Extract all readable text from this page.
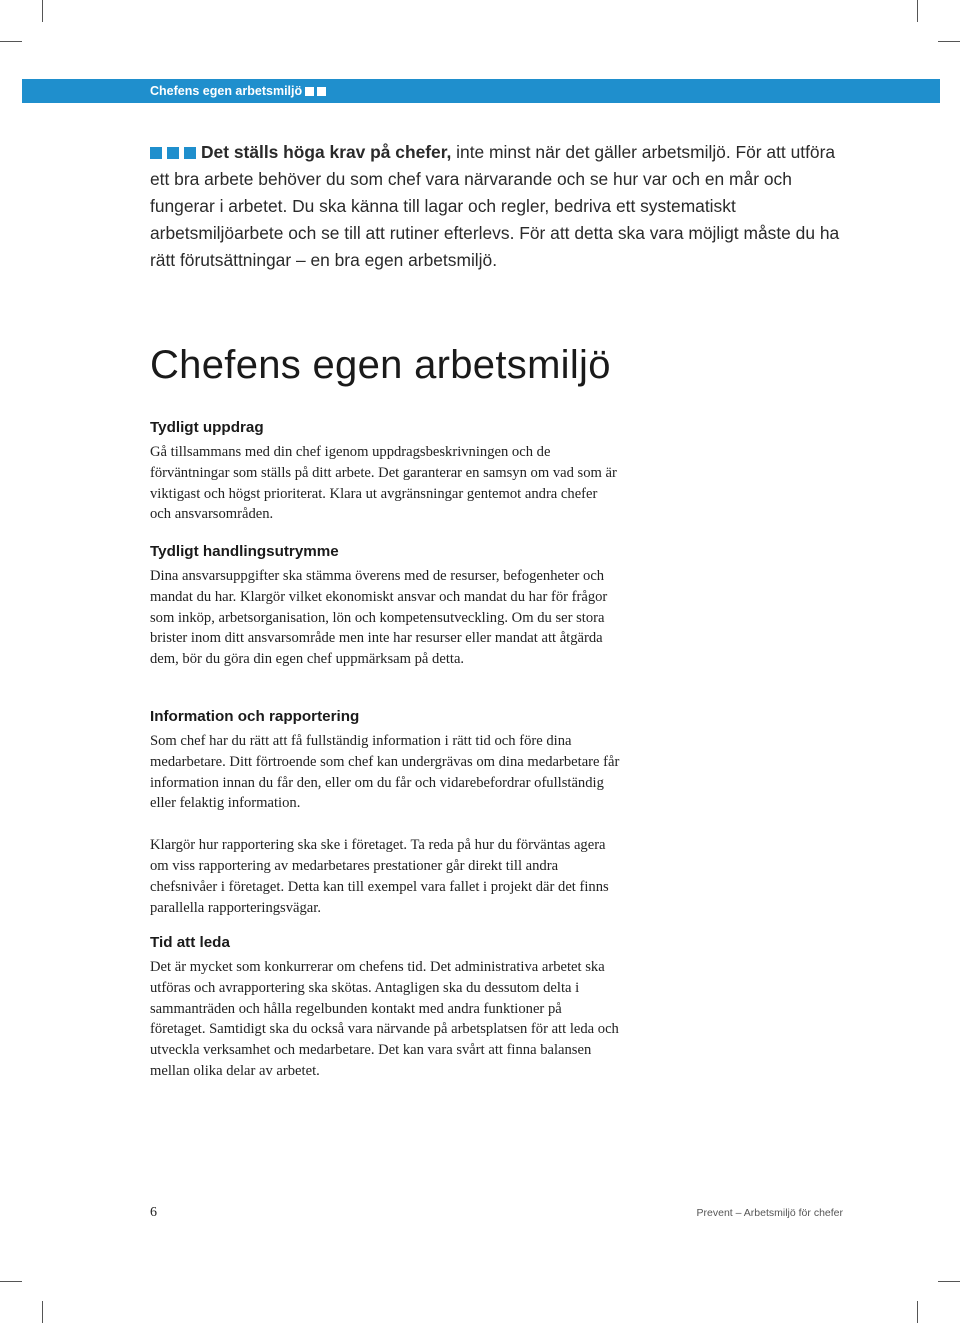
Chefens egen arbetsmiljö
Det ställs höga krav på chefer, inte minst när det gäller arbetsmiljö. För att utföra ett bra arbete behöver du som chef vara närvarande och se hur var och en mår och fungerar i arbetet. Du ska känna till lagar och regler, bedriva ett systematiskt arbetsmiljöarbete och se till att rutiner efterlevs. För att detta ska vara möjligt måste du ha rätt förutsättningar – en bra egen arbetsmiljö.
Chefens egen arbetsmiljö
Tydligt uppdrag

Gå tillsammans med din chef igenom uppdragsbeskrivningen och de förväntningar som ställs på ditt arbete. Det garanterar en samsyn om vad som är viktigast och högst prioriterat. Klara ut avgränsningar gentemot andra chefer och ansvarsområden.

Tydligt handlingsutrymme

Dina ansvarsuppgifter ska stämma överens med de resurser, befogenheter och mandat du har. Klargör vilket ekonomiskt ansvar och mandat du har för frågor som inköp, arbetsorganisation, lön och kompetensutveckling. Om du ser stora brister inom ditt ansvarsområde men inte har resurser eller mandat att åtgärda dem, bör du göra din egen chef uppmärksam på detta.

Information och rapportering

Som chef har du rätt att få fullständig information i rätt tid och före dina medarbetare. Ditt förtroende som chef kan undergrävas om dina medarbetare får information innan du får den, eller om du får och vidarebefordrar ofullständig eller felaktig information.

Klargör hur rapportering ska ske i företaget. Ta reda på hur du förväntas agera om viss rapportering av medarbetares prestationer går direkt till andra chefsnivåer i företaget. Detta kan till exempel vara fallet i projekt där det finns parallella rapporteringsvägar.

Tid att leda

Det är mycket som konkurrerar om chefens tid. Det administrativa arbetet ska utföras och avrapportering ska skötas. Antagligen ska du dessutom delta i sammanträden och hålla regelbunden kontakt med andra funktioner på företaget. Samtidigt ska du också vara närvande på arbetsplatsen för att leda och utveckla verksamhet och medarbetare. Det kan vara svårt att finna balansen mellan olika delar av arbetet.

6	Prevent – Arbetsmiljö för chefer
